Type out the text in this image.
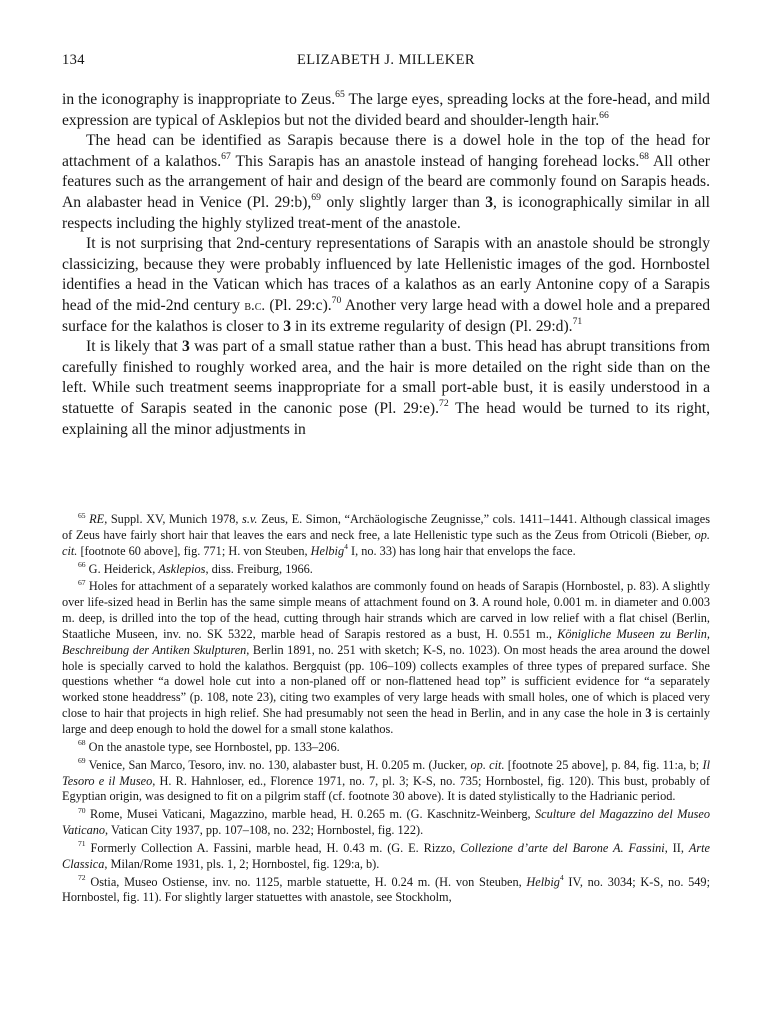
134	ELIZABETH J. MILLEKER

in the iconography is inappropriate to Zeus.$^{65}$ The large eyes, spreading locks at the fore-head, and mild expression are typical of Asklepios but not the divided beard and shoulder-length hair.$^{66}$

The head can be identified as Sarapis because there is a dowel hole in the top of the head for attachment of a kalathos.$^{67}$ This Sarapis has an anastole instead of hanging forehead locks.$^{68}$ All other features such as the arrangement of hair and design of the beard are commonly found on Sarapis heads. An alabaster head in Venice (Pl. 29:b),$^{69}$ only slightly larger than 3, is iconographically similar in all respects including the highly stylized treat-ment of the anastole.

It is not surprising that 2nd-century representations of Sarapis with an anastole should be strongly classicizing, because they were probably influenced by late Hellenistic images of the god. Hornbostel identifies a head in the Vatican which has traces of a kalathos as an early Antonine copy of a Sarapis head of the mid-2nd century b.c. (Pl. 29:c).$^{70}$ Another very large head with a dowel hole and a prepared surface for the kalathos is closer to 3 in its extreme regularity of design (Pl. 29:d).$^{71}$

It is likely that 3 was part of a small statue rather than a bust. This head has abrupt transitions from carefully finished to roughly worked area, and the hair is more detailed on the right side than on the left. While such treatment seems inappropriate for a small port-able bust, it is easily understood in a statuette of Sarapis seated in the canonic pose (Pl. 29:e).$^{72}$ The head would be turned to its right, explaining all the minor adjustments in

$^{65}$ RE, Suppl. XV, Munich 1978, s.v. Zeus, E. Simon, “Archäologische Zeugnisse,” cols. 1411–1441. Although classical images of Zeus have fairly short hair that leaves the ears and neck free, a late Hellenistic type such as the Zeus from Otricoli (Bieber, op. cit. [footnote 60 above], fig. 771; H. von Steuben, Helbig$^4$ I, no. 33) has long hair that envelops the face.

$^{66}$ G. Heiderick, Asklepios, diss. Freiburg, 1966.

$^{67}$ Holes for attachment of a separately worked kalathos are commonly found on heads of Sarapis (Hornbostel, p. 83). A slightly over life-sized head in Berlin has the same simple means of attachment found on 3. A round hole, 0.001 m. in diameter and 0.003 m. deep, is drilled into the top of the head, cutting through hair strands which are carved in low relief with a flat chisel (Berlin, Staatliche Museen, inv. no. SK 5322, marble head of Sarapis restored as a bust, H. 0.551 m., Königliche Museen zu Berlin, Beschreibung der Antiken Skulpturen, Berlin 1891, no. 251 with sketch; K-S, no. 1023). On most heads the area around the dowel hole is specially carved to hold the kalathos. Bergquist (pp. 106–109) collects examples of three types of prepared surface. She questions whether “a dowel hole cut into a non-planed off or non-flattened head top” is sufficient evidence for “a separately worked stone headdress” (p. 108, note 23), citing two examples of very large heads with small holes, one of which is placed very close to hair that projects in high relief. She had presumably not seen the head in Berlin, and in any case the hole in 3 is certainly large and deep enough to hold the dowel for a small stone kalathos.

$^{68}$ On the anastole type, see Hornbostel, pp. 133–206.

$^{69}$ Venice, San Marco, Tesoro, inv. no. 130, alabaster bust, H. 0.205 m. (Jucker, op. cit. [footnote 25 above], p. 84, fig. 11:a, b; Il Tesoro e il Museo, H. R. Hahnloser, ed., Florence 1971, no. 7, pl. 3; K-S, no. 735; Hornbostel, fig. 120). This bust, probably of Egyptian origin, was designed to fit on a pilgrim staff (cf. footnote 30 above). It is dated stylistically to the Hadrianic period.

$^{70}$ Rome, Musei Vaticani, Magazzino, marble head, H. 0.265 m. (G. Kaschnitz-Weinberg, Sculture del Magazzino del Museo Vaticano, Vatican City 1937, pp. 107–108, no. 232; Hornbostel, fig. 122).

$^{71}$ Formerly Collection A. Fassini, marble head, H. 0.43 m. (G. E. Rizzo, Collezione d’arte del Barone A. Fassini, II, Arte Classica, Milan/Rome 1931, pls. 1, 2; Hornbostel, fig. 129:a, b).

$^{72}$ Ostia, Museo Ostiense, inv. no. 1125, marble statuette, H. 0.24 m. (H. von Steuben, Helbig$^4$ IV, no. 3034; K-S, no. 549; Hornbostel, fig. 11). For slightly larger statuettes with anastole, see Stockholm,
